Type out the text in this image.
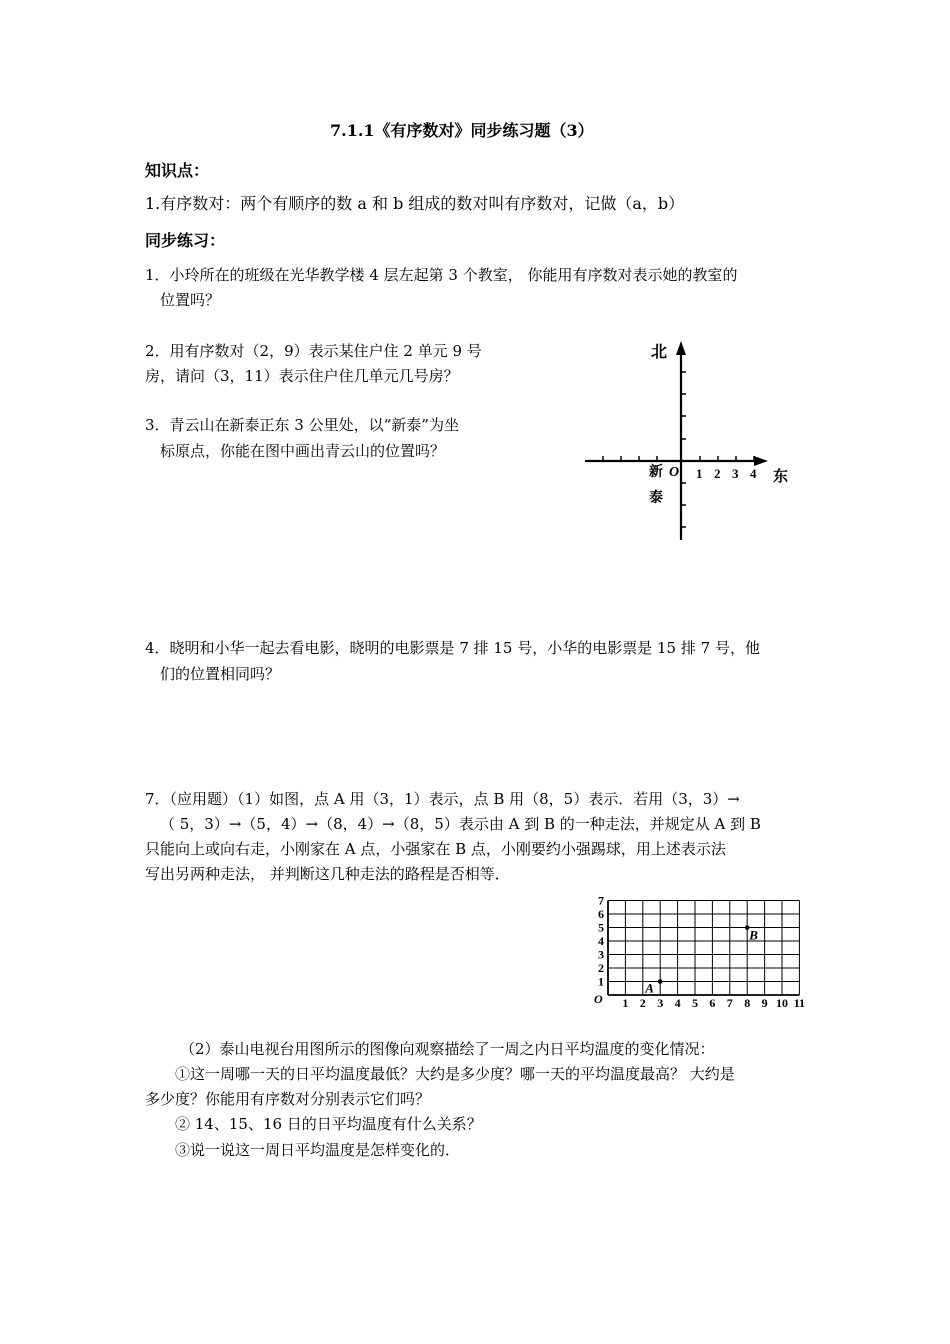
7.1.1《有序数对》同步练习题（3）
知识点：
1.有序数对：两个有顺序的数 a 和 b 组成的数对叫有序数对，记做（a，b）
同步练习：
1．小玲所在的班级在光华教学楼 4 层左起第 3 个教室， 你能用有序数对表示她的教室的
位置吗？
2．用有序数对（2，9）表示某住户住 2 单元 9 号
房，请问（3，11）表示住户住几单元几号房？
3．青云山在新泰正东 3 公里处，以“新泰”为坐
标原点，你能在图中画出青云山的位置吗？
北
O
新
泰
1 2 3 4 东
4．晓明和小华一起去看电影，晓明的电影票是 7 排 15 号，小华的电影票是 15 排 7 号，他
们的位置相同吗？
7．（应用题）（1）如图，点 A 用（3，1）表示，点 B 用（8，5）表示．若用（3，3）→
（ 5，3）→（5，4）→（8，4）→（8，5）表示由 A 到 B 的一种走法，并规定从 A 到 B
只能向上或向右走，小刚家在 A 点，小强家在 B 点，小刚要约小强踢球，用上述表示法
写出另两种走法， 并判断这几种走法的路程是否相等．
1 2 3 4 5 6 7 8 9 10 11
1
2
3
4
5
6
7
O
A
B
（2）泰山电视台用图所示的图像向观察描绘了一周之内日平均温度的变化情况：
①这一周哪一天的日平均温度最低？大约是多少度？哪一天的平均温度最高？ 大约是
多少度？你能用有序数对分别表示它们吗？
② 14、15、16 日的日平均温度有什么关系？
③说一说这一周日平均温度是怎样变化的．
